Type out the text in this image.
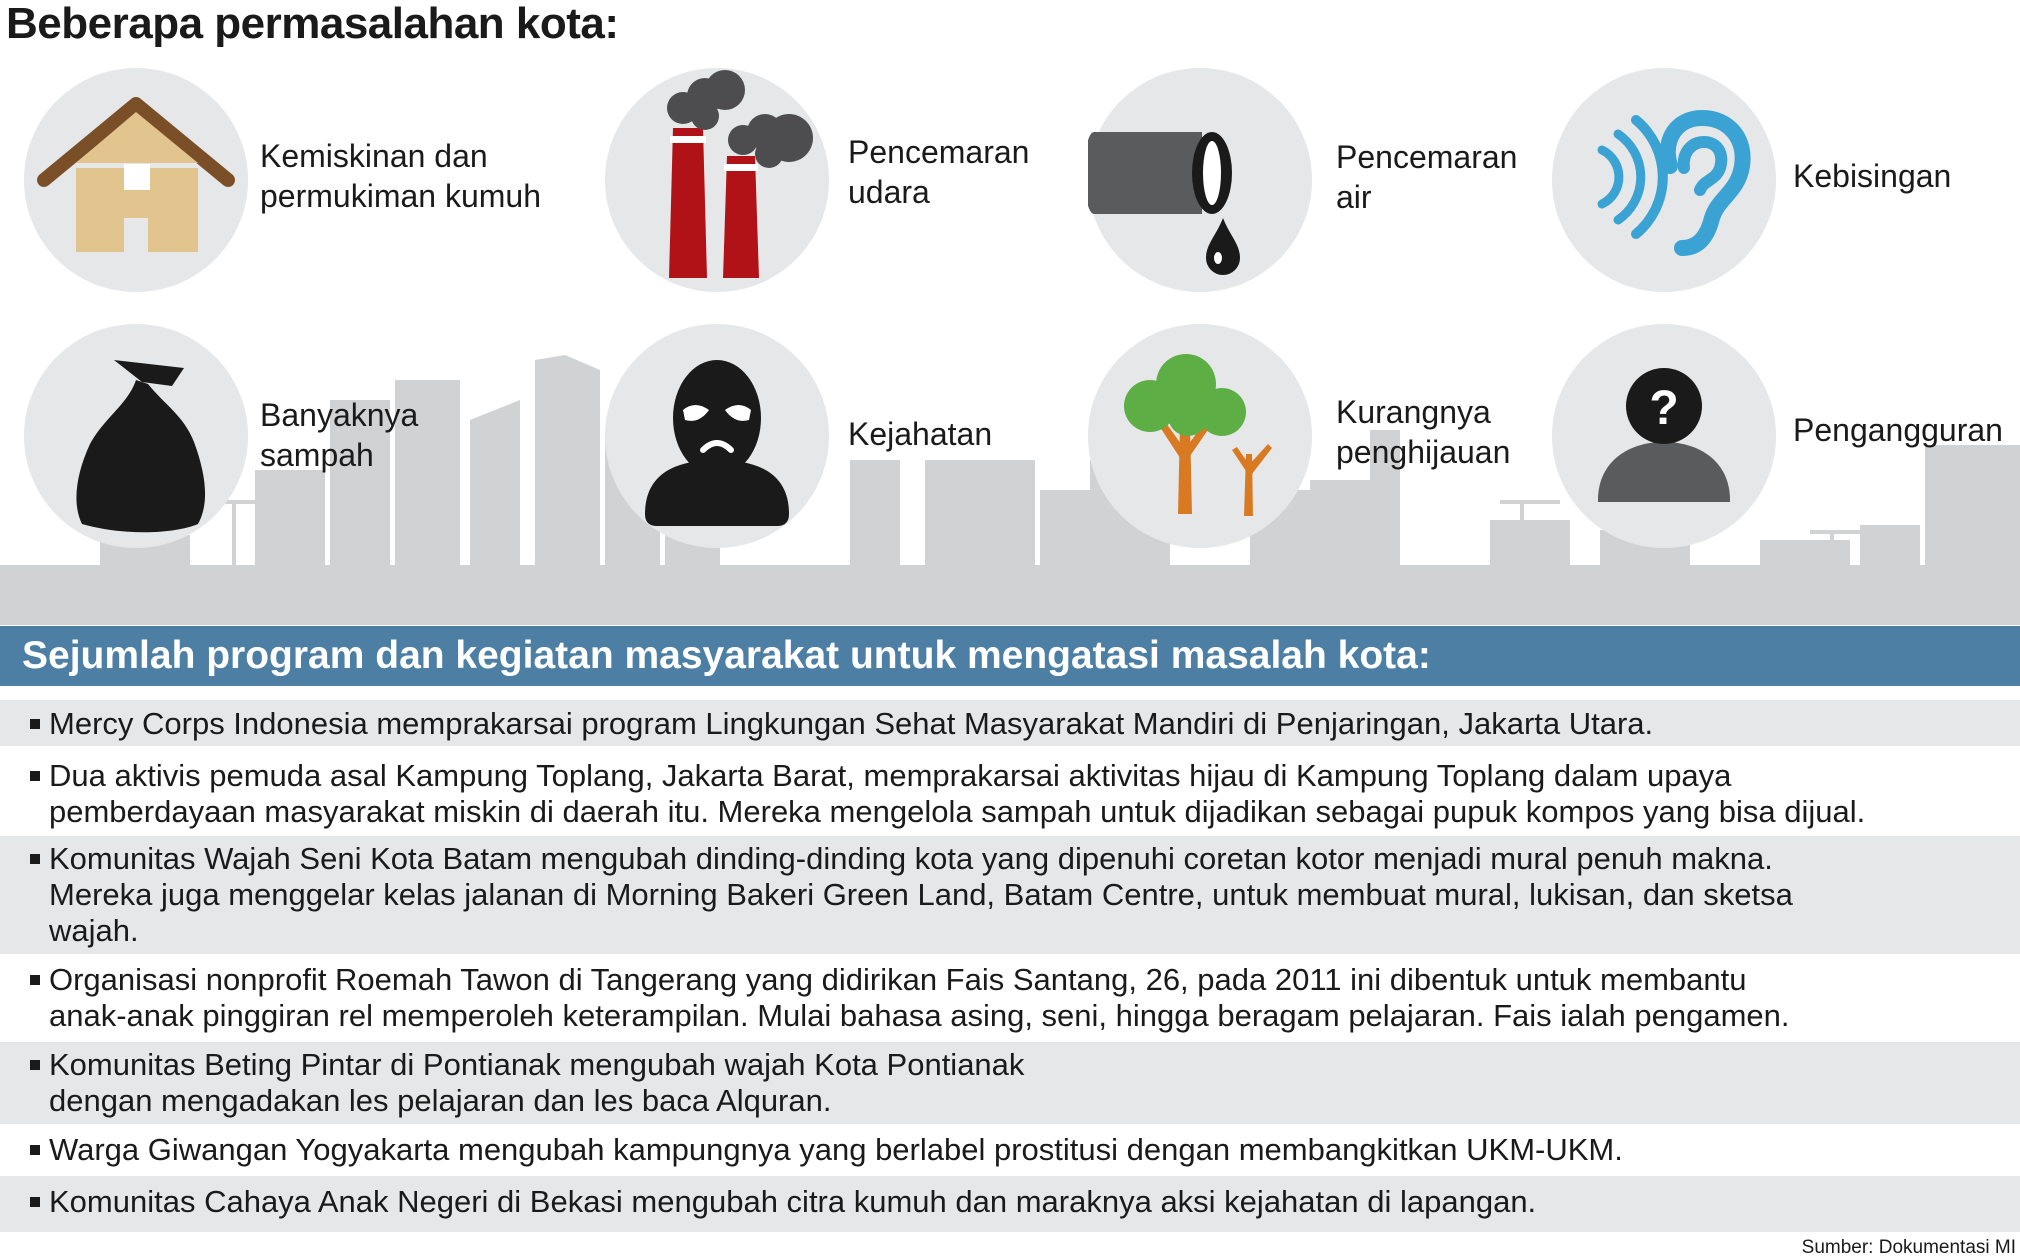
Beberapa permasalahan kota:
Kemiskinan dan
permukiman kumuh
Pencemaran
udara
Pencemaran
air
Kebisingan
Banyaknya
sampah
Kejahatan
Kurangnya
penghijauan
?	Pengangguran
Sejumlah program dan kegiatan masyarakat untuk mengatasi masalah kota:
Mercy Corps Indonesia memprakarsai program Lingkungan Sehat Masyarakat Mandiri di Penjaringan, Jakarta Utara.
Dua aktivis pemuda asal Kampung Toplang, Jakarta Barat, memprakarsai aktivitas hijau di Kampung Toplang dalam upaya
pemberdayaan masyarakat miskin di daerah itu. Mereka mengelola sampah untuk dijadikan sebagai pupuk kompos yang bisa dijual.
Komunitas Wajah Seni Kota Batam mengubah dinding-dinding kota yang dipenuhi coretan kotor menjadi mural penuh makna.
Mereka juga menggelar kelas jalanan di Morning Bakeri Green Land, Batam Centre, untuk membuat mural, lukisan, dan sketsa
wajah.
Organisasi nonprofit Roemah Tawon di Tangerang yang didirikan Fais Santang, 26, pada 2011 ini dibentuk untuk membantu
anak-anak pinggiran rel memperoleh keterampilan. Mulai bahasa asing, seni, hingga beragam pelajaran. Fais ialah pengamen.
Komunitas Beting Pintar di Pontianak mengubah wajah Kota Pontianak
dengan mengadakan les pelajaran dan les baca Alquran.
Warga Giwangan Yogyakarta mengubah kampungnya yang berlabel prostitusi dengan membangkitkan UKM-UKM.
Komunitas Cahaya Anak Negeri di Bekasi mengubah citra kumuh dan maraknya aksi kejahatan di lapangan.
Sumber: Dokumentasi MI
